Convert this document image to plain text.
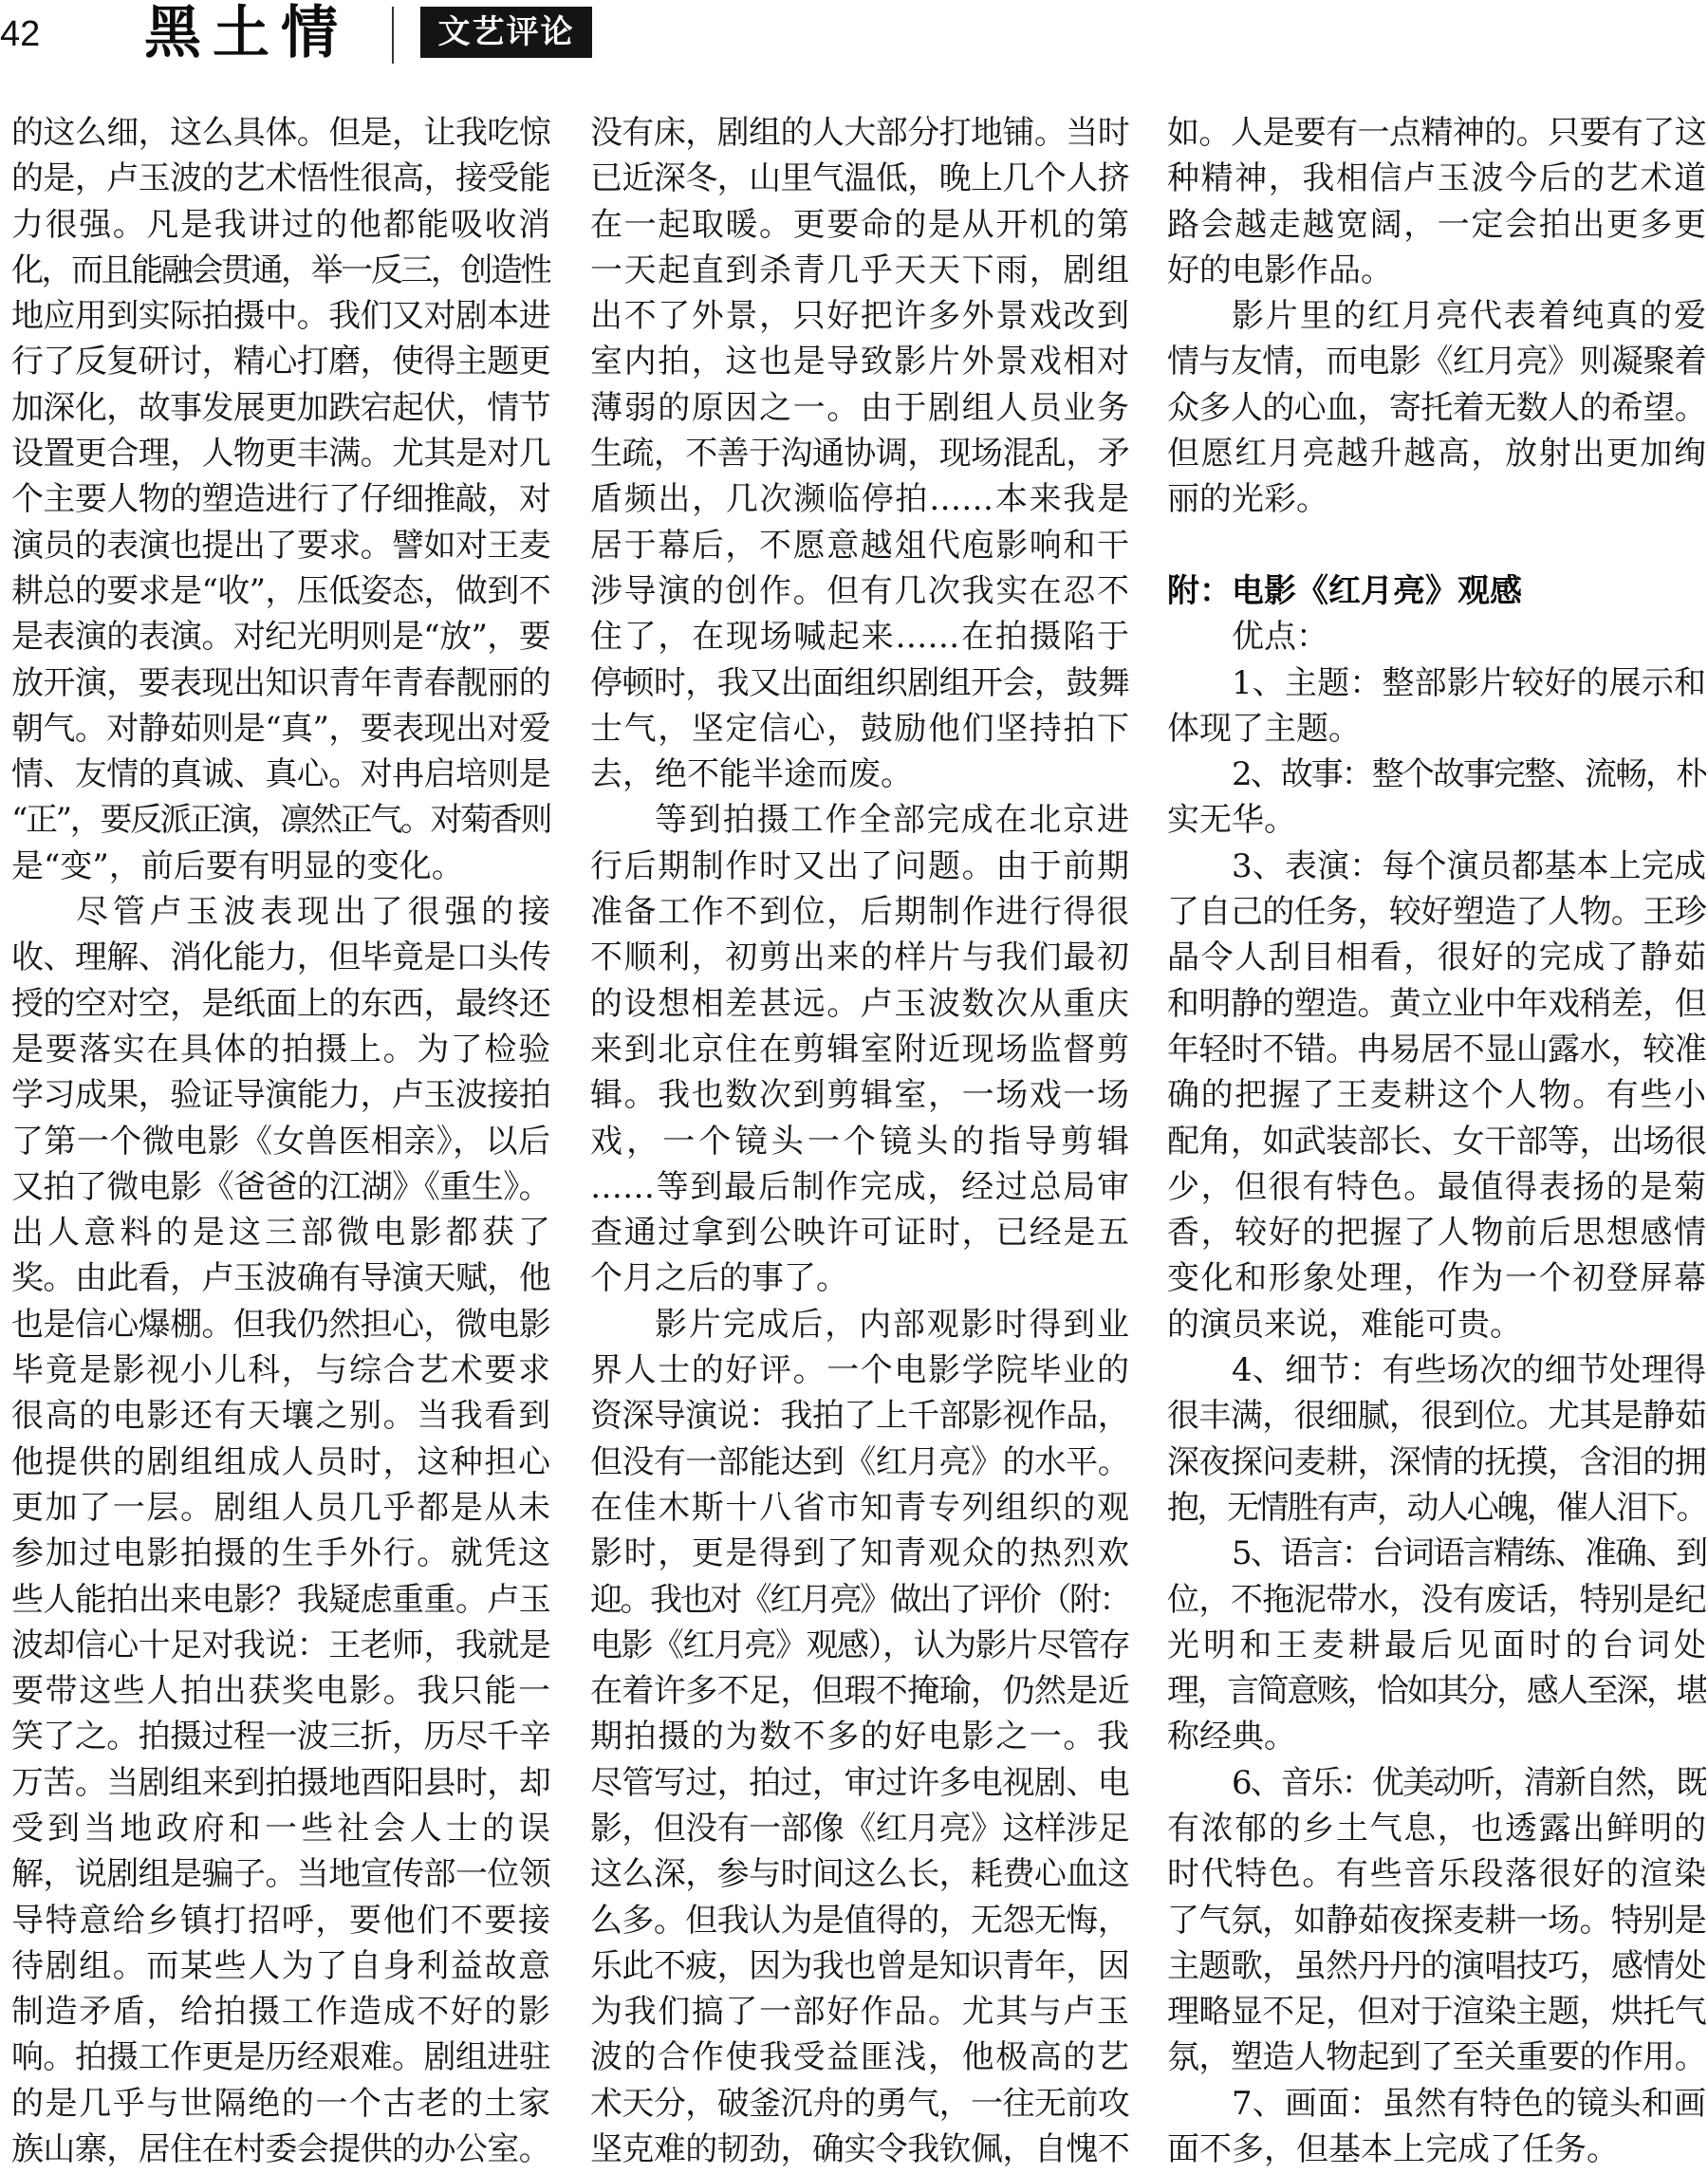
42 黑土情	文艺评论
的这么细，这么具体。但是，让我吃惊
的是，卢玉波的艺术悟性很高，接受能
力很强。凡是我讲过的他都能吸收消
化，而且能融会贯通，举一反三，创造性
地应用到实际拍摄中。我们又对剧本进
行了反复研讨，精心打磨，使得主题更
加深化，故事发展更加跌宕起伏，情节
设置更合理，人物更丰满。尤其是对几
个主要人物的塑造进行了仔细推敲，对
演员的表演也提出了要求。譬如对王麦
耕总的要求是“收”，压低姿态，做到不
是表演的表演。对纪光明则是“放”，要
放开演，要表现出知识青年青春靓丽的
朝气。对静茹则是“真”，要表现出对爱
情、友情的真诚、真心。对冉启培则是
“正”，要反派正演，凛然正气。对菊香则
是“变”，前后要有明显的变化。
尽管卢玉波表现出了很强的接
收、理解、消化能力，但毕竟是口头传
授的空对空，是纸面上的东西，最终还
是要落实在具体的拍摄上。为了检验
学习成果，验证导演能力，卢玉波接拍
了第一个微电影《女兽医相亲》，以后
又拍了微电影《爸爸的江湖》《重生》。
出人意料的是这三部微电影都获了
奖。由此看，卢玉波确有导演天赋，他
也是信心爆棚。但我仍然担心，微电影
毕竟是影视小儿科，与综合艺术要求
很高的电影还有天壤之别。当我看到
他提供的剧组组成人员时，这种担心
更加了一层。剧组人员几乎都是从未
参加过电影拍摄的生手外行。就凭这
些人能拍出来电影？我疑虑重重。卢玉
波却信心十足对我说：王老师，我就是
要带这些人拍出获奖电影。我只能一
笑了之。拍摄过程一波三折，历尽千辛
万苦。当剧组来到拍摄地酉阳县时，却
受到当地政府和一些社会人士的误
解，说剧组是骗子。当地宣传部一位领
导特意给乡镇打招呼，要他们不要接
待剧组。而某些人为了自身利益故意
制造矛盾，给拍摄工作造成不好的影
响。拍摄工作更是历经艰难。剧组进驻
的是几乎与世隔绝的一个古老的土家
族山寨，居住在村委会提供的办公室。
没有床，剧组的人大部分打地铺。当时
已近深冬，山里气温低，晚上几个人挤
在一起取暖。更要命的是从开机的第
一天起直到杀青几乎天天下雨，剧组
出不了外景，只好把许多外景戏改到
室内拍，这也是导致影片外景戏相对
薄弱的原因之一。由于剧组人员业务
生疏，不善于沟通协调，现场混乱，矛
盾频出，几次濒临停拍……本来我是
居于幕后，不愿意越俎代庖影响和干
涉导演的创作。但有几次我实在忍不
住了，在现场喊起来……在拍摄陷于
停顿时，我又出面组织剧组开会，鼓舞
士气，坚定信心，鼓励他们坚持拍下
去，绝不能半途而废。
等到拍摄工作全部完成在北京进
行后期制作时又出了问题。由于前期
准备工作不到位，后期制作进行得很
不顺利，初剪出来的样片与我们最初
的设想相差甚远。卢玉波数次从重庆
来到北京住在剪辑室附近现场监督剪
辑。我也数次到剪辑室，一场戏一场
戏，一个镜头一个镜头的指导剪辑
……等到最后制作完成，经过总局审
查通过拿到公映许可证时，已经是五
个月之后的事了。
影片完成后，内部观影时得到业
界人士的好评。一个电影学院毕业的
资深导演说：我拍了上千部影视作品，
但没有一部能达到《红月亮》的水平。
在佳木斯十八省市知青专列组织的观
影时，更是得到了知青观众的热烈欢
迎。我也对《红月亮》做出了评价（附：
电影《红月亮》观感），认为影片尽管存
在着许多不足，但瑕不掩瑜，仍然是近
期拍摄的为数不多的好电影之一。我
尽管写过，拍过，审过许多电视剧、电
影，但没有一部像《红月亮》这样涉足
这么深，参与时间这么长，耗费心血这
么多。但我认为是值得的，无怨无悔，
乐此不疲，因为我也曾是知识青年，因
为我们搞了一部好作品。尤其与卢玉
波的合作使我受益匪浅，他极高的艺
术天分，破釜沉舟的勇气，一往无前攻
坚克难的韧劲，确实令我钦佩，自愧不
如。人是要有一点精神的。只要有了这
种精神，我相信卢玉波今后的艺术道
路会越走越宽阔，一定会拍出更多更
好的电影作品。
影片里的红月亮代表着纯真的爱
情与友情，而电影《红月亮》则凝聚着
众多人的心血，寄托着无数人的希望。
但愿红月亮越升越高，放射出更加绚
丽的光彩。
附：电影《红月亮》观感
优点：
1、主题：整部影片较好的展示和
体现了主题。
2、故事：整个故事完整、流畅，朴
实无华。
3、表演：每个演员都基本上完成
了自己的任务，较好塑造了人物。王珍
晶令人刮目相看，很好的完成了静茹
和明静的塑造。黄立业中年戏稍差，但
年轻时不错。冉易居不显山露水，较准
确的把握了王麦耕这个人物。有些小
配角，如武装部长、女干部等，出场很
少，但很有特色。最值得表扬的是菊
香，较好的把握了人物前后思想感情
变化和形象处理，作为一个初登屏幕
的演员来说，难能可贵。
4、细节：有些场次的细节处理得
很丰满，很细腻，很到位。尤其是静茹
深夜探问麦耕，深情的抚摸，含泪的拥
抱，无情胜有声，动人心魄，催人泪下。
5、语言：台词语言精练、准确、到
位，不拖泥带水，没有废话，特别是纪
光明和王麦耕最后见面时的台词处
理，言简意赅，恰如其分，感人至深，堪
称经典。
6、音乐：优美动听，清新自然，既
有浓郁的乡土气息，也透露出鲜明的
时代特色。有些音乐段落很好的渲染
了气氛，如静茹夜探麦耕一场。特别是
主题歌，虽然丹丹的演唱技巧，感情处
理略显不足，但对于渲染主题，烘托气
氛，塑造人物起到了至关重要的作用。
7、画面：虽然有特色的镜头和画
面不多，但基本上完成了任务。
